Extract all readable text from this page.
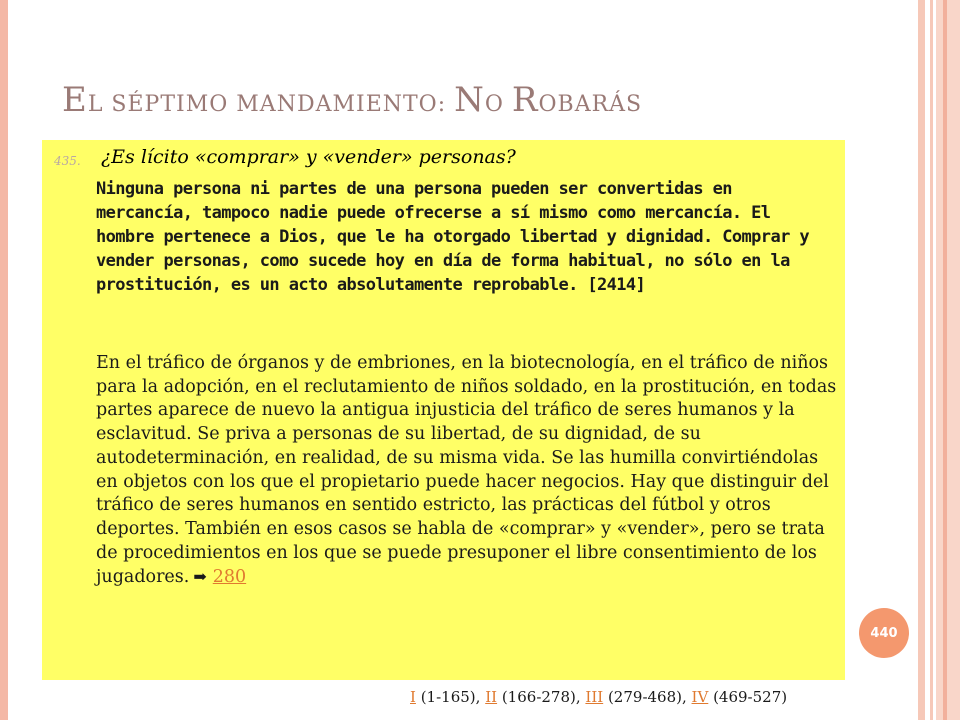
EL SÉPTIMO MANDAMIENTO: NO ROBARÁS
435. ¿Es lícito «comprar» y «vender» personas?

Ninguna persona ni partes de una persona pueden ser convertidas en mercancía, tampoco nadie puede ofrecerse a sí mismo como mercancía. El hombre pertenece a Dios, que le ha otorgado libertad y dignidad. Comprar y vender personas, como sucede hoy en día de forma habitual, no sólo en la prostitución, es un acto absolutamente reprobable. [2414]

En el tráfico de órganos y de embriones, en la biotecnología, en el tráfico de niños para la adopción, en el reclutamiento de niños soldado, en la prostitución, en todas partes aparece de nuevo la antigua injusticia del tráfico de seres humanos y la esclavitud. Se priva a personas de su libertad, de su dignidad, de su autodeterminación, en realidad, de su misma vida. Se las humilla convirtiéndolas en objetos con los que el propietario puede hacer negocios. Hay que distinguir del tráfico de seres humanos en sentido estricto, las prácticas del fútbol y otros deportes. También en esos casos se habla de «comprar» y «vender», pero se trata de procedimientos en los que se puede presuponer el libre consentimiento de los jugadores. ➡ 280

440

I (1-165), II (166-278), III (279-468), IV (469-527)
